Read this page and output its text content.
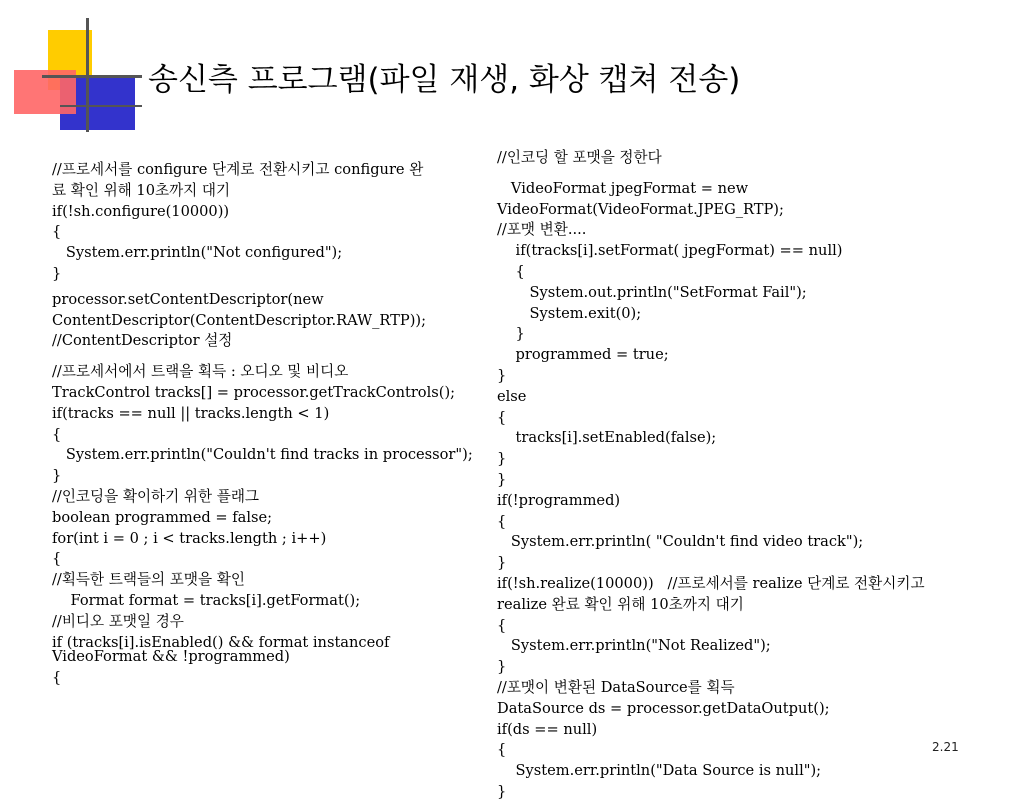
송신측 프로그램(파일 재생, 화상 캡쳐 전송)
//프로세서를 configure 단계로 전환시키고 configure 완
료 확인 위해 10초까지 대기
if(!sh.configure(10000))
{
System.err.println("Not configured");
}
processor.setContentDescriptor(new
ContentDescriptor(ContentDescriptor.RAW_RTP));
//ContentDescriptor 설정
//프로세서에서 트랙을 획득 : 오디오 및 비디오
TrackControl tracks[] = processor.getTrackControls();
if(tracks == null || tracks.length < 1)
{
System.err.println("Couldn't find tracks in processor");
}
//인코딩을 확이하기 위한 플래그
boolean programmed = false;
for(int i = 0 ; i < tracks.length ; i++)
{
//획득한 트랙들의 포맷을 확인
Format format = tracks[i].getFormat();
//비디오 포맷일 경우
if (tracks[i].isEnabled() && format instanceof
VideoFormat && !programmed)
{
//인코딩 할 포맷을 정한다
VideoFormat jpegFormat = new
VideoFormat(VideoFormat.JPEG_RTP);
//포맷 변환....
if(tracks[i].setFormat( jpegFormat) == null)
{
System.out.println("SetFormat Fail");
System.exit(0);
}
programmed = true;
}
else
{
tracks[i].setEnabled(false);
}
}
if(!programmed)
{
System.err.println( "Couldn't find video track");
}
if(!sh.realize(10000))   //프로세서를 realize 단계로 전환시키고
realize 완료 확인 위해 10초까지 대기
{
System.err.println("Not Realized");
}
//포맷이 변환된 DataSource를 획득
DataSource ds = processor.getDataOutput();
if(ds == null)
{
System.err.println("Data Source is null");
}
2.21
